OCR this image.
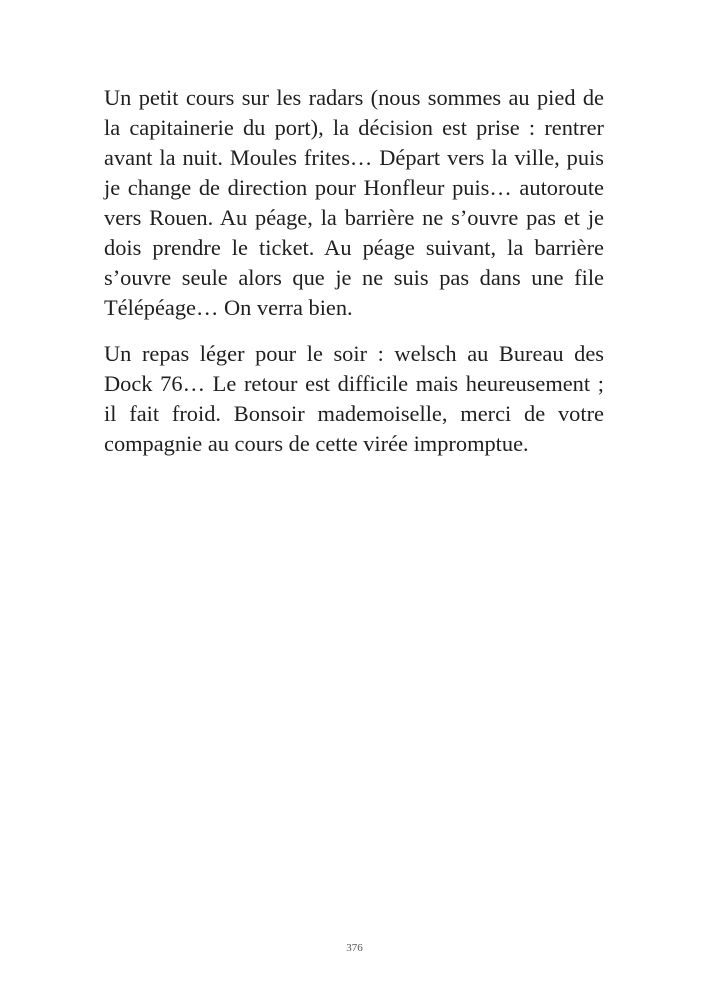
Un petit cours sur les radars (nous sommes au pied de la capitainerie du port), la décision est prise : rentrer avant la nuit. Moules frites… Départ vers la ville, puis je change de direction pour Honfleur puis… autoroute vers Rouen. Au péage, la barrière ne s’ouvre pas et je dois prendre le ticket. Au péage suivant, la barrière s’ouvre seule alors que je ne suis pas dans une file Télépéage… On verra bien.

Un repas léger pour le soir : welsch au Bureau des Dock 76… Le retour est difficile mais heureusement ; il fait froid. Bonsoir mademoiselle, merci de votre compagnie au cours de cette virée impromptue.

376
